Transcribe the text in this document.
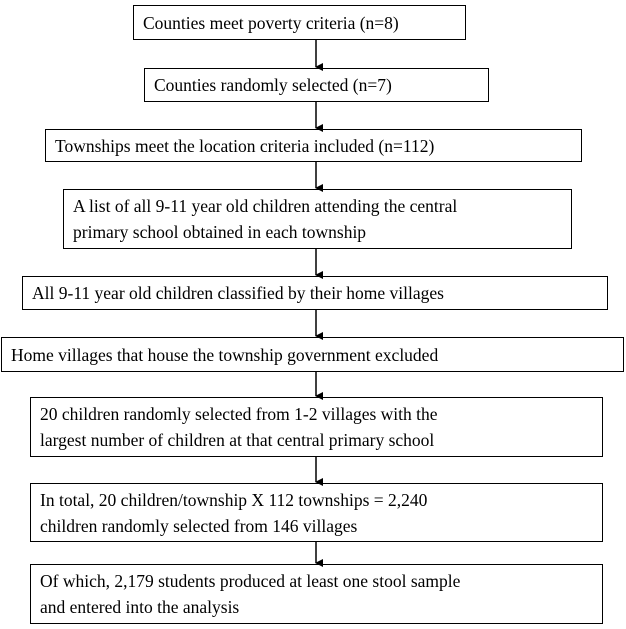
Counties meet poverty criteria (n=8)
Counties randomly selected (n=7)
Townships meet the location criteria included (n=112)
A list of all 9-11 year old children attending the central
primary school obtained in each township
All 9-11 year old children classified by their home villages
Home villages that house the township government excluded
20 children randomly selected from 1-2 villages with the
largest number of children at that central primary school
In total, 20 children/township X 112 townships = 2,240
children randomly selected from 146 villages
Of which, 2,179 students produced at least one stool sample
and entered into the analysis
